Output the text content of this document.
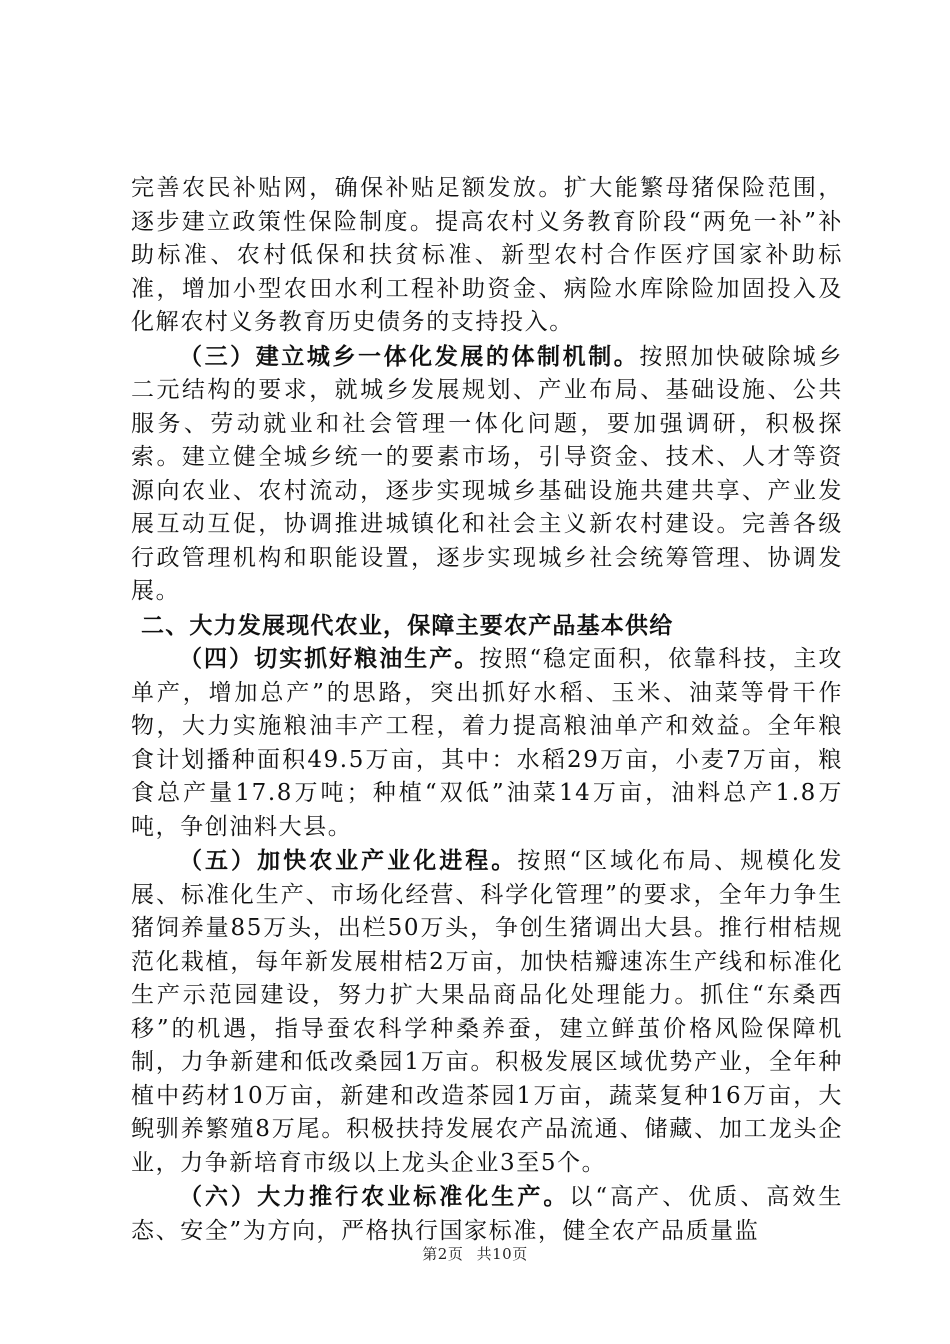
完善农民补贴网，确保补贴足额发放。扩大能繁母猪保险范围，逐步建立政策性保险制度。提高农村义务教育阶段“两免一补”补助标准、农村低保和扶贫标准、新型农村合作医疗国家补助标准，增加小型农田水利工程补助资金、病险水库除险加固投入及化解农村义务教育历史债务的支持投入。

（三）建立城乡一体化发展的体制机制。按照加快破除城乡二元结构的要求，就城乡发展规划、产业布局、基础设施、公共服务、劳动就业和社会管理一体化问题，要加强调研，积极探索。建立健全城乡统一的要素市场，引导资金、技术、人才等资源向农业、农村流动，逐步实现城乡基础设施共建共享、产业发展互动互促，协调推进城镇化和社会主义新农村建设。完善各级行政管理机构和职能设置，逐步实现城乡社会统筹管理、协调发展。

二、大力发展现代农业，保障主要农产品基本供给

（四）切实抓好粮油生产。按照“稳定面积，依靠科技，主攻单产，增加总产”的思路，突出抓好水稻、玉米、油菜等骨干作物，大力实施粮油丰产工程，着力提高粮油单产和效益。全年粮食计划播种面积49.5万亩，其中：水稻29万亩，小麦7万亩，粮食总产量17.8万吨；种植“双低”油菜14万亩，油料总产1.8万吨，争创油料大县。

（五）加快农业产业化进程。按照“区域化布局、规模化发展、标准化生产、市场化经营、科学化管理”的要求，全年力争生猪饲养量85万头，出栏50万头，争创生猪调出大县。推行柑桔规范化栽植，每年新发展柑桔2万亩，加快桔瓣速冻生产线和标准化生产示范园建设，努力扩大果品商品化处理能力。抓住“东桑西移”的机遇，指导蚕农科学种桑养蚕，建立鲜茧价格风险保障机制，力争新建和低改桑园1万亩。积极发展区域优势产业，全年种植中药材10万亩，新建和改造茶园1万亩，蔬菜复种16万亩，大鲵驯养繁殖8万尾。积极扶持发展农产品流通、储藏、加工龙头企业，力争新培育市级以上龙头企业3至5个。

（六）大力推行农业标准化生产。以“高产、优质、高效生态、安全”为方向，严格执行国家标准，健全农产品质量监

第2页 共10页
